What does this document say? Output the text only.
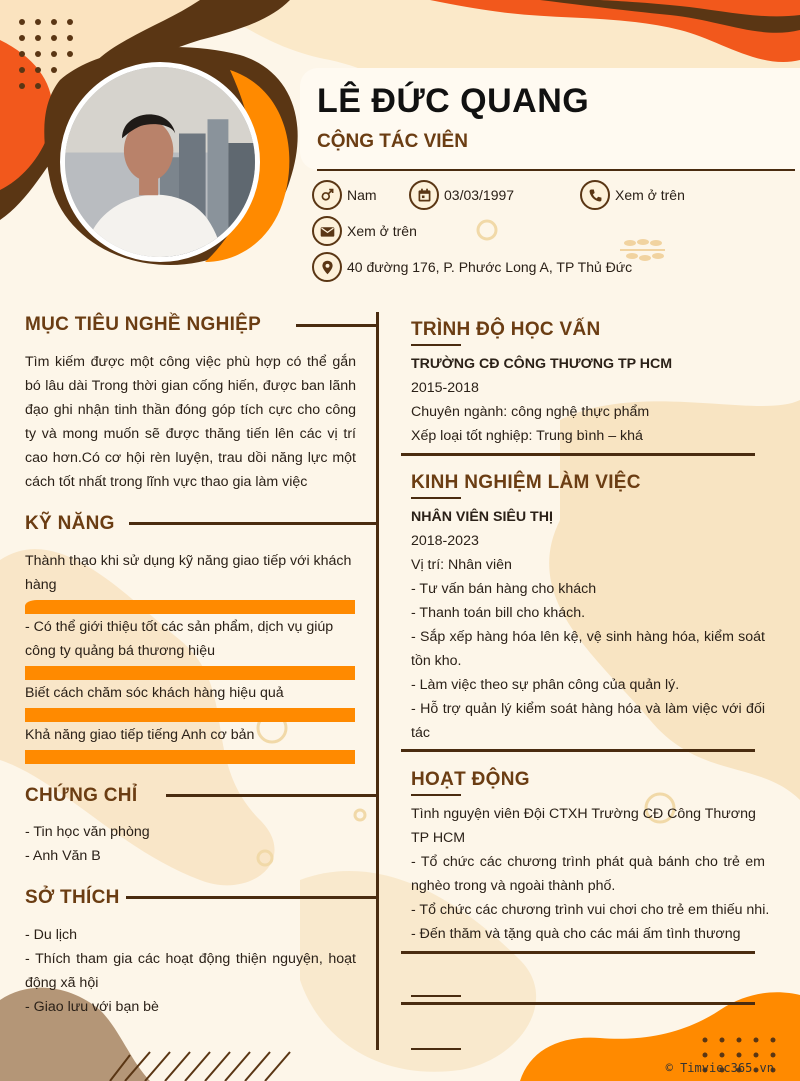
LÊ ĐỨC QUANG
CỘNG TÁC VIÊN
Nam	03/03/1997	Xem ở trên
Xem ở trên
40 đường 176, P. Phước Long A, TP Thủ Đức
MỤC TIÊU NGHỀ NGHIỆP
Tìm kiếm được một công việc phù hợp có thể gắn bó lâu dài Trong thời gian cống hiến, được ban lãnh đạo ghi nhận tinh thần đóng góp tích cực cho công ty và mong muốn sẽ được thăng tiến lên các vị trí cao hơn.Có cơ hội rèn luyện, trau dồi năng lực một cách tốt nhất trong lĩnh vực thao gia làm việc
KỸ NĂNG
Thành thạo khi sử dụng kỹ năng giao tiếp với khách hàng
- Có thể giới thiệu tốt các sản phẩm, dịch vụ giúp công ty quảng bá thương hiệu
Biết cách chăm sóc khách hàng hiệu quả
Khả năng giao tiếp tiếng Anh cơ bản
CHỨNG CHỈ
- Tin học văn phòng
- Anh Văn B
SỞ THÍCH
- Du lịch
- Thích tham gia các hoạt động thiện nguyện, hoạt động xã hội
- Giao lưu với bạn bè
TRÌNH ĐỘ HỌC VẤN
TRƯỜNG CĐ CÔNG THƯƠNG TP HCM
2015-2018
Chuyên ngành: công nghệ thực phẩm
Xếp loại tốt nghiệp: Trung bình – khá
KINH NGHIỆM LÀM VIỆC
NHÂN VIÊN SIÊU THỊ
2018-2023
Vị trí: Nhân viên
- Tư vấn bán hàng cho khách
- Thanh toán bill cho khách.
- Sắp xếp hàng hóa lên kệ, vệ sinh hàng hóa, kiểm soát tồn kho.
- Làm việc theo sự phân công của quản lý.
- Hỗ trợ quản lý kiểm soát hàng hóa và làm việc với đối tác
HOẠT ĐỘNG
Tình nguyện viên Đội CTXH Trường CĐ Công Thương TP HCM
- Tổ chức các chương trình phát quà bánh cho trẻ em nghèo trong và ngoài thành phố.
- Tổ chức các chương trình vui chơi cho trẻ em thiếu nhi.
- Đến thăm và tặng quà cho các mái ấm tình thương
© Timviec365.vn
